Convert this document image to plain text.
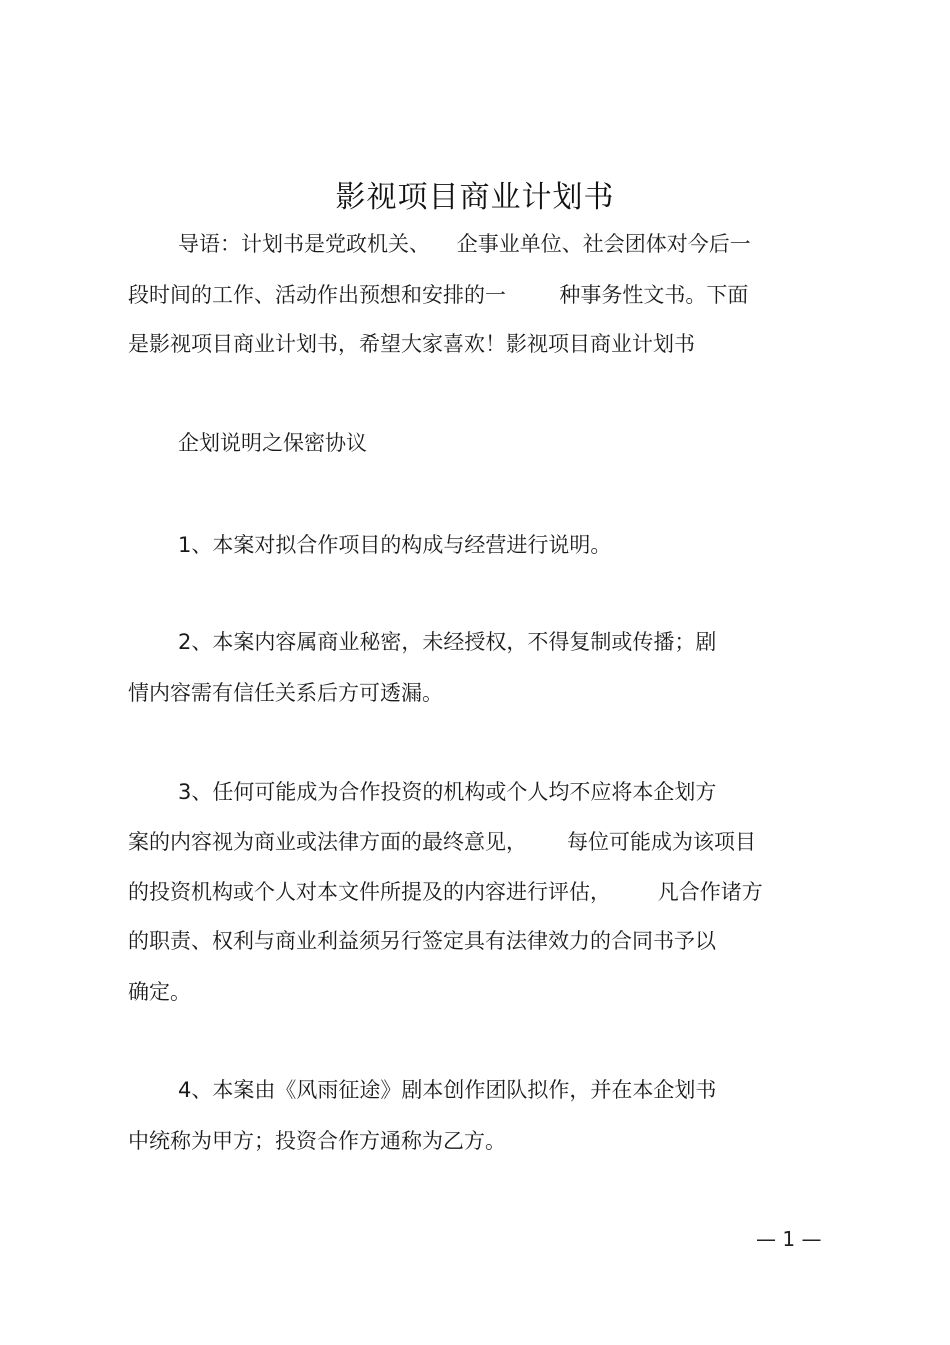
影视项目商业计划书
导语：计划书是党政机关、    企事业单位、社会团体对今后一
段时间的工作、活动作出预想和安排的一        种事务性文书。下面
是影视项目商业计划书，希望大家喜欢！影视项目商业计划书
企划说明之保密协议
1、本案对拟合作项目的构成与经营进行说明。
2、本案内容属商业秘密，未经授权，不得复制或传播；剧
情内容需有信任关系后方可透漏。
3、任何可能成为合作投资的机构或个人均不应将本企划方
案的内容视为商业或法律方面的最终意见，      每位可能成为该项目
的投资机构或个人对本文件所提及的内容进行评估，       凡合作诸方
的职责、权利与商业利益须另行签定具有法律效力的合同书予以
确定。
4、本案由《风雨征途》剧本创作团队拟作，并在本企划书
中统称为甲方；投资合作方通称为乙方。
— 1 —
